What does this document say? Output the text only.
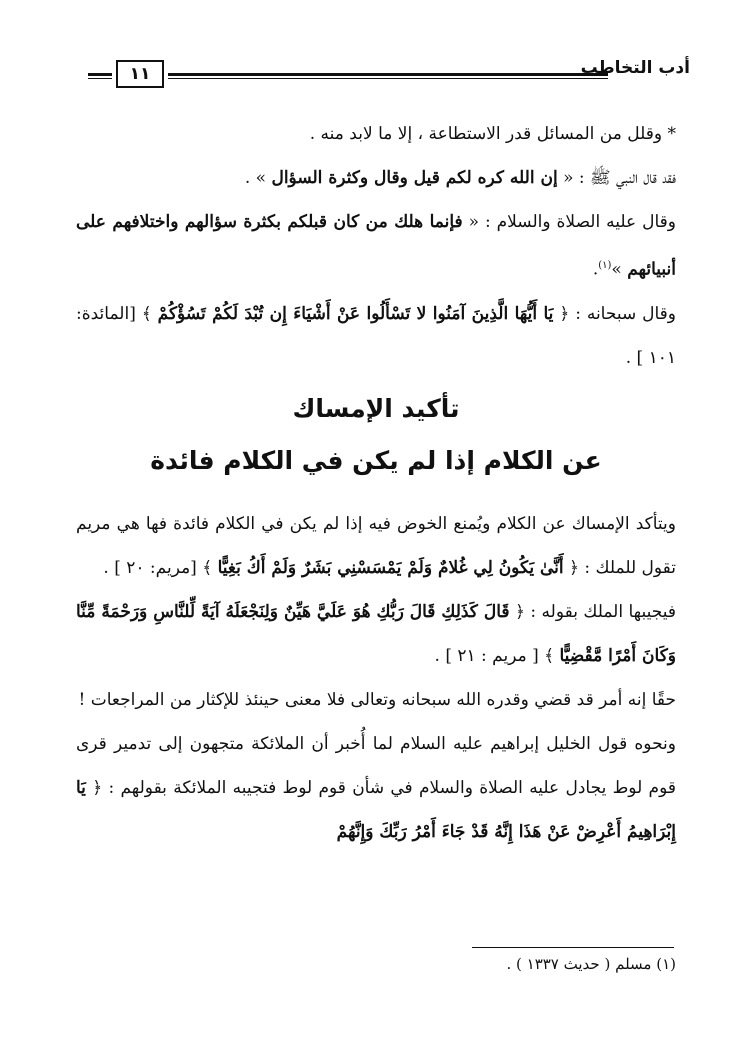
أدب التخاطب
١١

* وقلل من المسائل قدر الاستطاعة ، إلا ما لابد منه .

فقد قال النبي ﷺ : « إن الله كره لكم قيل وقال وكثرة السؤال » .

وقال عليه الصلاة والسلام : « فإنما هلك من كان قبلكم بكثرة سؤالهم واختلافهم على أنبيائهم »$^{(١)}$.

وقال سبحانه : ﴿ يَا أَيُّهَا الَّذِينَ آمَنُوا لا تَسْأَلُوا عَنْ أَشْيَاءَ إِن تُبْدَ لَكُمْ تَسُؤْكُمْ ﴾ [المائدة: ١٠١ ] .

تأكيد الإمساك
عن الكلام إذا لم يكن في الكلام فائدة

ويتأكد الإمساك عن الكلام ويُمنع الخوض فيه إذا لم يكن في الكلام فائدة فها هي مريم تقول للملك : ﴿ أَنَّىٰ يَكُونُ لِي غُلامٌ وَلَمْ يَمْسَسْنِي بَشَرٌ وَلَمْ أَكُ بَغِيًّا ﴾ [مريم: ٢٠ ] .

فيجيبها الملك بقوله : ﴿ قَالَ كَذَلِكِ قَالَ رَبُّكِ هُوَ عَلَيَّ هَيِّنٌ وَلِنَجْعَلَهُ آيَةً لِّلنَّاسِ وَرَحْمَةً مِّنَّا وَكَانَ أَمْرًا مَّقْضِيًّا ﴾ [ مريم : ٢١ ] .

حقًا إنه أمر قد قضي وقدره الله سبحانه وتعالى فلا معنى حينئذ للإكثار من المراجعات !

ونحوه قول الخليل إبراهيم عليه السلام لما أُخبر أن الملائكة متجهون إلى تدمير قرى قوم لوط يجادل عليه الصلاة والسلام في شأن قوم لوط فتجيبه الملائكة بقولهم : ﴿ يَا إِبْرَاهِيمُ أَعْرِضْ عَنْ هَذَا إِنَّهُ قَدْ جَاءَ أَمْرُ رَبِّكَ وَإِنَّهُمْ

(١) مسلم ( حديث ١٣٣٧ ) .
